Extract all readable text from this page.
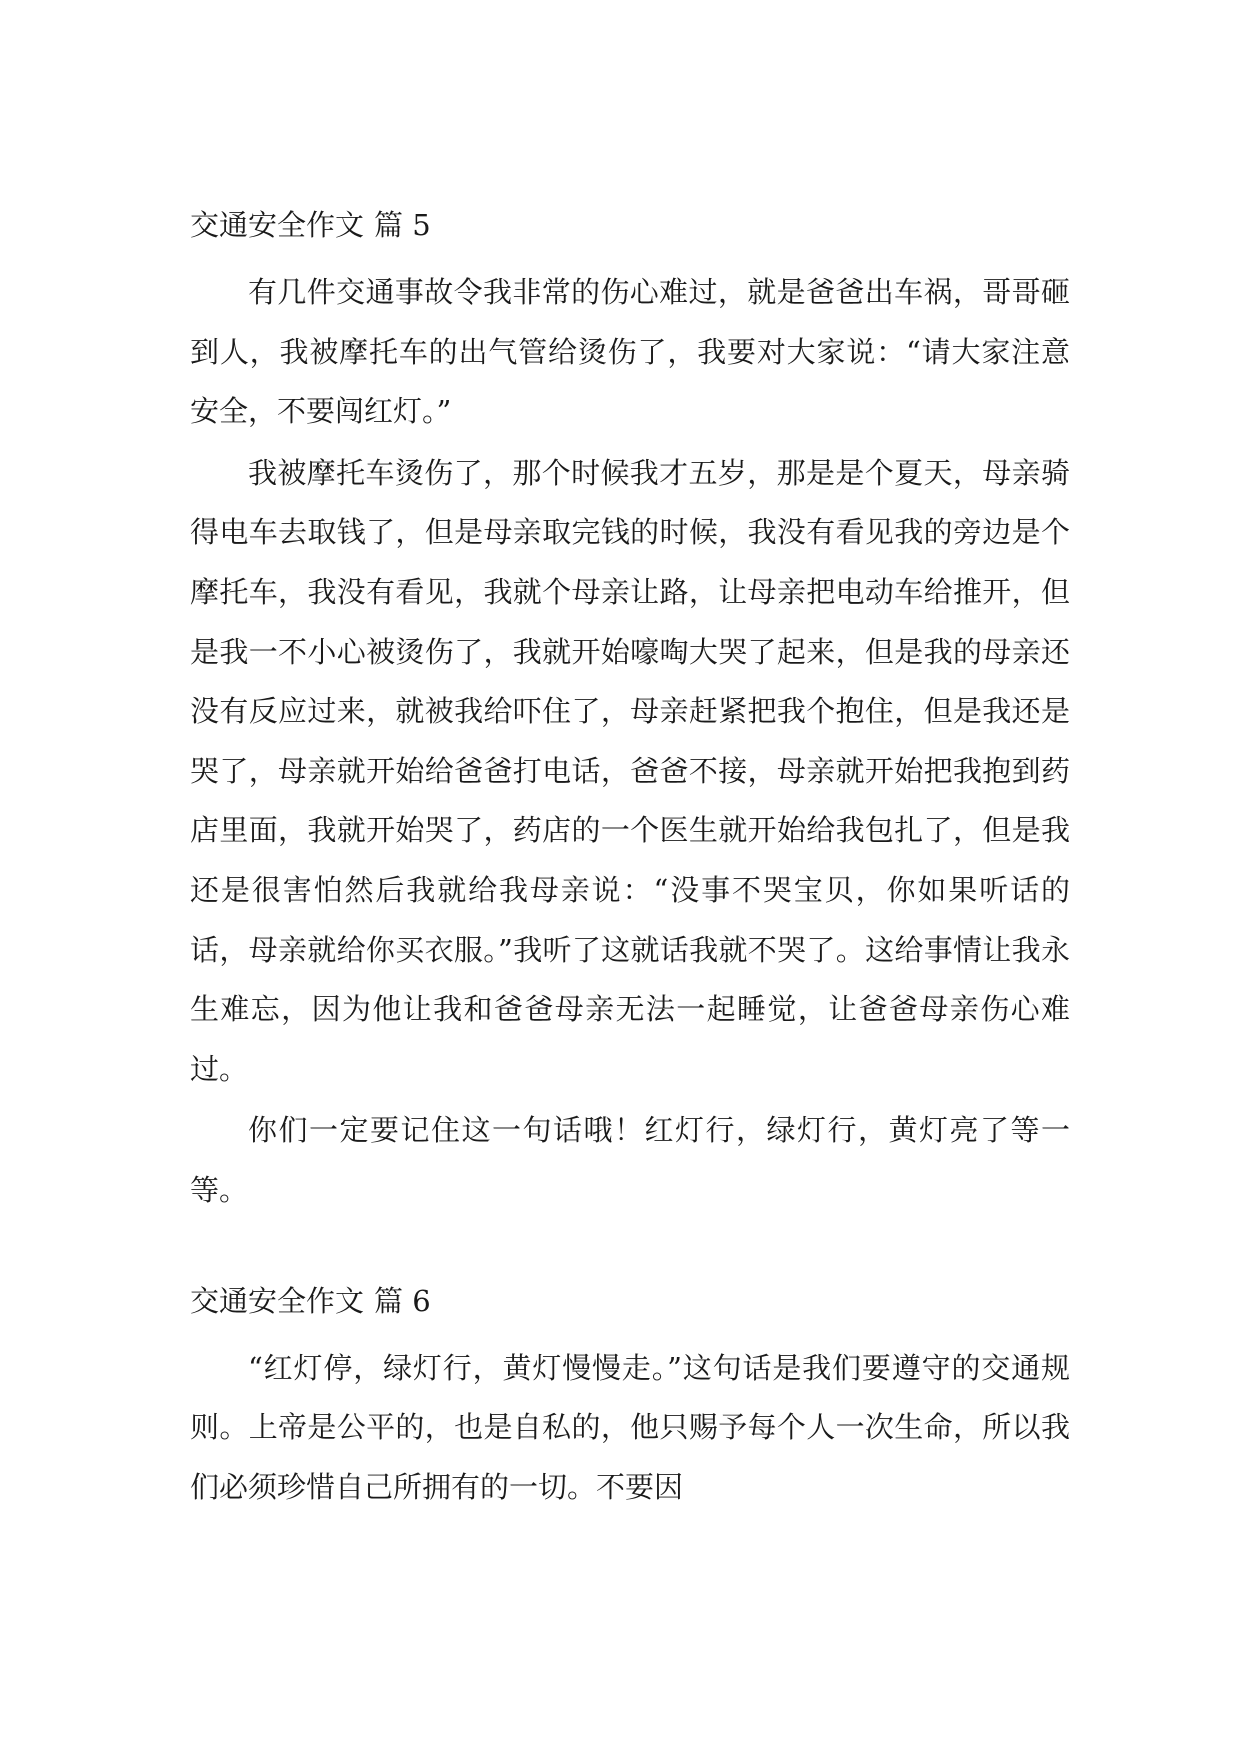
交通安全作文 篇 5

有几件交通事故令我非常的伤心难过，就是爸爸出车祸，哥哥砸到人，我被摩托车的出气管给烫伤了，我要对大家说：“请大家注意安全，不要闯红灯。”

我被摩托车烫伤了，那个时候我才五岁，那是是个夏天，母亲骑得电车去取钱了，但是母亲取完钱的时候，我没有看见我的旁边是个摩托车，我没有看见，我就个母亲让路，让母亲把电动车给推开，但是我一不小心被烫伤了，我就开始嚎啕大哭了起来，但是我的母亲还没有反应过来，就被我给吓住了，母亲赶紧把我个抱住，但是我还是哭了，母亲就开始给爸爸打电话，爸爸不接，母亲就开始把我抱到药店里面，我就开始哭了，药店的一个医生就开始给我包扎了，但是我还是很害怕然后我就给我母亲说：“没事不哭宝贝，你如果听话的话，母亲就给你买衣服。”我听了这就话我就不哭了。这给事情让我永生难忘，因为他让我和爸爸母亲无法一起睡觉，让爸爸母亲伤心难过。

你们一定要记住这一句话哦！红灯行，绿灯行，黄灯亮了等一等。

交通安全作文 篇 6

“红灯停，绿灯行，黄灯慢慢走。”这句话是我们要遵守的交通规则。上帝是公平的，也是自私的，他只赐予每个人一次生命，所以我们必须珍惜自己所拥有的一切。不要因
